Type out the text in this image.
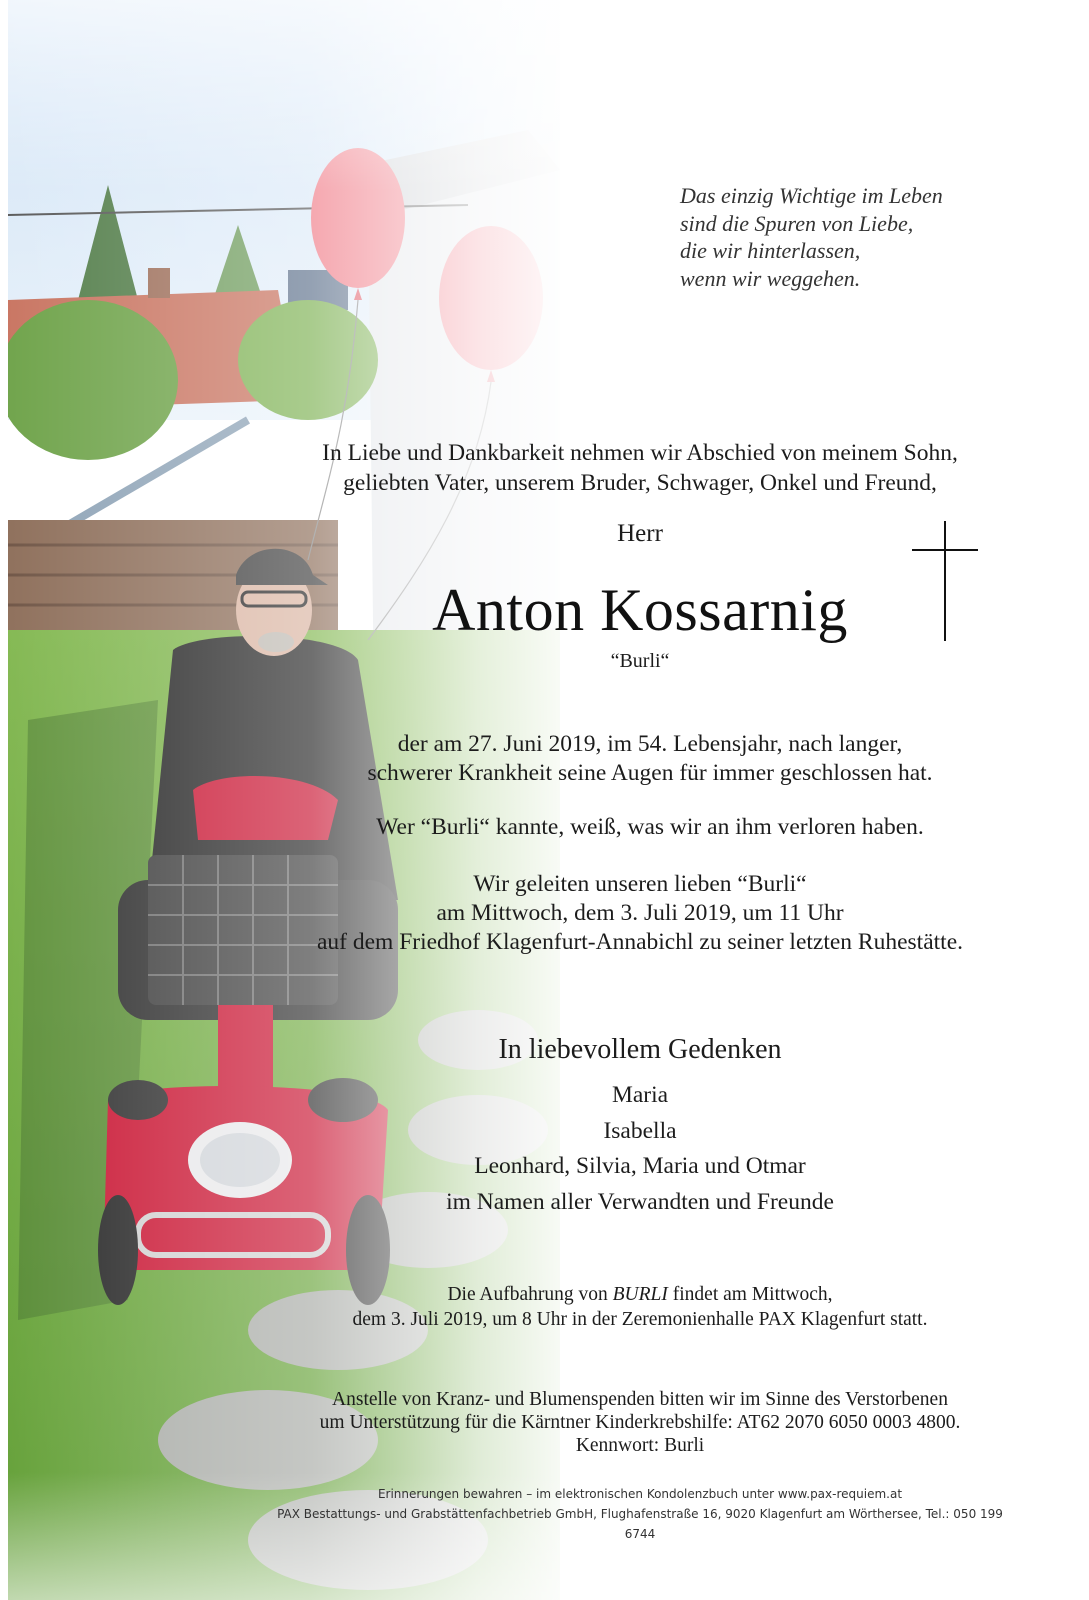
Das einzig Wichtige im Leben
sind die Spuren von Liebe,
die wir hinterlassen,
wenn wir weggehen.
In Liebe und Dankbarkeit nehmen wir Abschied von meinem Sohn,
geliebten Vater, unserem Bruder, Schwager, Onkel und Freund,
Herr
Anton Kossarnig
“Burli“
der am 27. Juni 2019, im 54. Lebensjahr, nach langer,
schwerer Krankheit seine Augen für immer geschlossen hat.
Wer “Burli“ kannte, weiß, was wir an ihm verloren haben.
Wir geleiten unseren lieben “Burli“
am Mittwoch, dem 3. Juli 2019, um 11 Uhr
auf dem Friedhof Klagenfurt-Annabichl zu seiner letzten Ruhestätte.
In liebevollem Gedenken
Maria
Isabella
Leonhard, Silvia, Maria und Otmar
im Namen aller Verwandten und Freunde
Die Aufbahrung von BURLI findet am Mittwoch,
dem 3. Juli 2019, um 8 Uhr in der Zeremonienhalle PAX Klagenfurt statt.
Anstelle von Kranz- und Blumenspenden bitten wir im Sinne des Verstorbenen
um Unterstützung für die Kärntner Kinderkrebshilfe: AT62 2070 6050 0003 4800.
Kennwort: Burli
Erinnerungen bewahren – im elektronischen Kondolenzbuch unter www.pax-requiem.at
PAX Bestattungs- und Grabstättenfachbetrieb GmbH, Flughafenstraße 16, 9020 Klagenfurt am Wörthersee, Tel.: 050 199 6744
